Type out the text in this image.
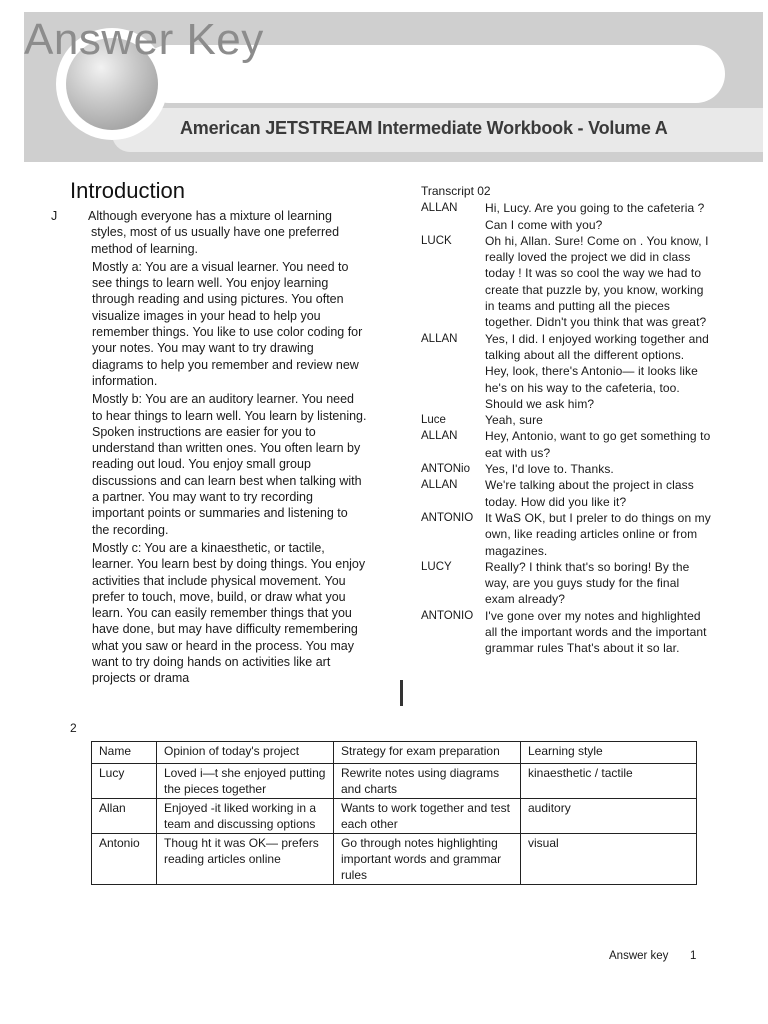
Answer Key
American JETSTREAM Intermediate Workbook - Volume A
Introduction

J Although everyone has a mixture ol learning styles, most of us usually have one preferred method of learning.

Mostly a: You are a visual learner. You need to see things to learn well. You enjoy learning through reading and using pictures. You often visualize images in your head to help you remember things. You like to use color coding for your notes. You may want to try drawing diagrams to help you remember and review new information.

Mostly b: You are an auditory learner. You need to hear things to learn well. You learn by listening. Spoken instructions are easier for you to understand than written ones. You often learn by reading out loud. You enjoy small group discussions and can learn best when talking with a partner. You may want to try recording important points or summaries and listening to the recording.

Mostly c: You are a kinaesthetic, or tactile, learner. You learn best by doing things. You enjoy activities that include physical movement. You prefer to touch, move, build, or draw what you learn. You can easily remember things that you have done, but may have difficulty remembering what you saw or heard in the process. You may want to try doing hands on activities like art projects or drama

Transcript 02
ALLAN	Hi, Lucy. Are you going to the cafeteria ? Can I come with you?
LUCK	Oh hi, Allan. Sure! Come on . You know, I really loved the project we did in class today ! It was so cool the way we had to create that puzzle by, you know, working in teams and putting all the pieces together. Didn't you think that was great?
ALLAN	Yes, I did. I enjoyed working together and talking about all the different options. Hey, look, there's Antonio— it looks like he's on his way to the cafeteria, too. Should we ask him?
Luce	Yeah, sure
ALLAN	Hey, Antonio, want to go get something to eat with us?
ANTONio	Yes, I'd love to. Thanks.
ALLAN	We're talking about the project in class today. How did you like it?
ANTONIO It WaS OK, but I preler to do things on my own, like reading articles online or from magazines.
LUCY	Really? I think that's so boring! By the way, are you guys study for the final exam already?
ANTONIO I've gone over my notes and highlighted all the important words and the important grammar rules That's about it so lar.
2
Name	Opinion of today's project	Strategy for exam preparation	Learning style
Lucy	Loved i—t she enjoyed putting the pieces together	Rewrite notes using diagrams and charts	kinaesthetic / tactile
Allan	Enjoyed -it liked working in a team and discussing options	Wants to work together and test each other	auditory
Antonio	Thoug ht it was OK— prefers reading articles online	Go through notes highlighting important words and grammar rules	visual
Answer key 1
